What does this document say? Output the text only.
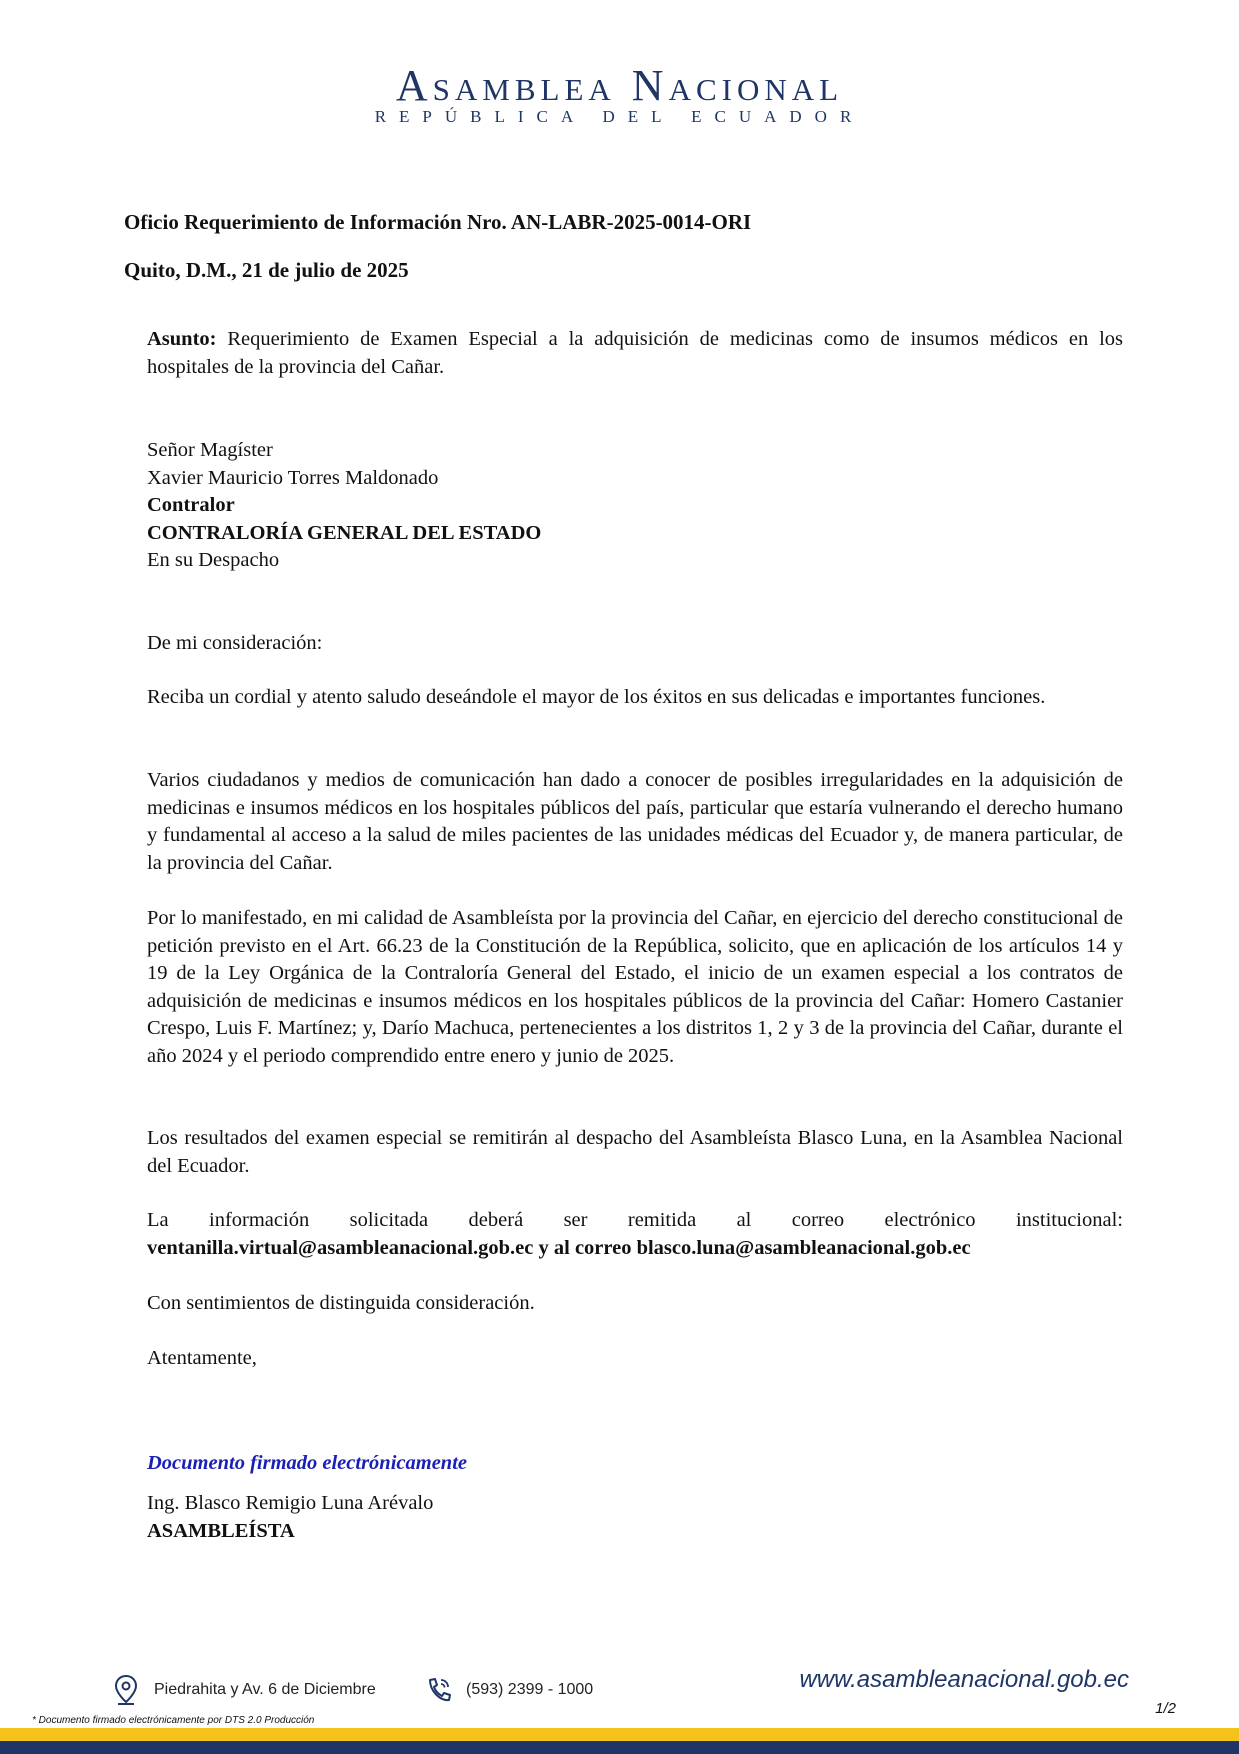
Asamblea Nacional
REPÚBLICA DEL ECUADOR
Oficio Requerimiento de Información Nro. AN-LABR-2025-0014-ORI
Quito, D.M., 21 de julio de 2025

Asunto: Requerimiento de Examen Especial a la adquisición de medicinas como de insumos médicos en los hospitales de la provincia del Cañar.

Señor Magíster
Xavier Mauricio Torres Maldonado
Contralor
CONTRALORÍA GENERAL DEL ESTADO
En su Despacho
De mi consideración:

Reciba un cordial y atento saludo deseándole el mayor de los éxitos en sus delicadas e importantes funciones.

Varios ciudadanos y medios de comunicación han dado a conocer de posibles irregularidades en la adquisición de medicinas e insumos médicos en los hospitales públicos del país, particular que estaría vulnerando el derecho humano y fundamental al acceso a la salud de miles pacientes de las unidades médicas del Ecuador y, de manera particular, de la provincia del Cañar.

Por lo manifestado, en mi calidad de Asambleísta por la provincia del Cañar, en ejercicio del derecho constitucional de petición previsto en el Art. 66.23 de la Constitución de la República, solicito, que en aplicación de los artículos 14 y 19 de la Ley Orgánica de la Contraloría General del Estado, el inicio de un examen especial a los contratos de adquisición de medicinas e insumos médicos en los hospitales públicos de la provincia del Cañar: Homero Castanier Crespo, Luis F. Martínez; y, Darío Machuca, pertenecientes a los distritos 1, 2 y 3 de la provincia del Cañar, durante el año 2024 y el periodo comprendido entre enero y junio de 2025.

Los resultados del examen especial se remitirán al despacho del Asambleísta Blasco Luna, en la Asamblea Nacional del Ecuador.

La información solicitada deberá ser remitida al correo electrónico institucional:

ventanilla.virtual@asambleanacional.gob.ec y al correo blasco.luna@asambleanacional.gob.ec

Con sentimientos de distinguida consideración.
Atentamente,
Documento firmado electrónicamente
Ing. Blasco Remigio Luna Arévalo
ASAMBLEÍSTA
Piedrahita y Av. 6 de Diciembre	(593) 2399 - 1000	www.asambleanacional.gob.ec
1/2
* Documento firmado electrónicamente por DTS 2.0 Producción
